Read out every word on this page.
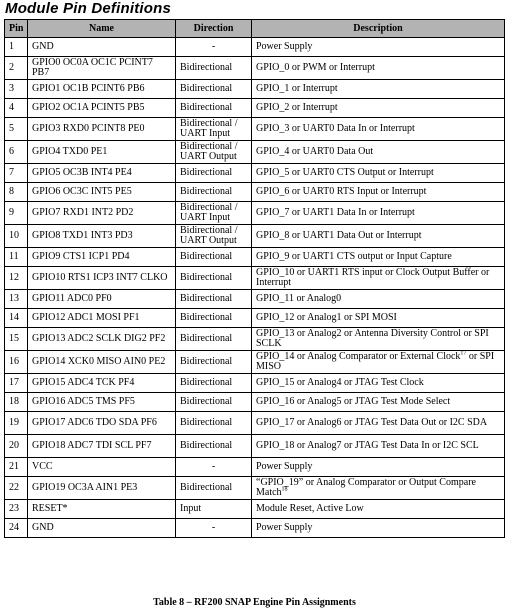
Module Pin Definitions
Pin	Name	Direction	Description
1	GND	-	Power Supply
2	GPIO0 OC0A OC1C PCINT7 PB7	Bidirectional	GPIO_0 or PWM or Interrupt
3	GPIO1 OC1B PCINT6 PB6	Bidirectional	GPIO_1 or Interrupt
4	GPIO2 OC1A PCINT5 PB5	Bidirectional	GPIO_2 or Interrupt
5	GPIO3 RXD0 PCINT8 PE0	Bidirectional / UART Input	GPIO_3 or UART0 Data In or Interrupt
6	GPIO4 TXD0 PE1	Bidirectional / UART Output	GPIO_4 or UART0 Data Out
7	GPIO5 OC3B INT4 PE4	Bidirectional	GPIO_5 or UART0 CTS Output or Interrupt
8	GPIO6 OC3C INT5 PE5	Bidirectional	GPIO_6 or UART0 RTS Input or Interrupt
9	GPIO7 RXD1 INT2 PD2	Bidirectional / UART Input	GPIO_7 or UART1 Data In or Interrupt
10	GPIO8 TXD1 INT3 PD3	Bidirectional / UART Output	GPIO_8 or UART1 Data Out or Interrupt
11	GPIO9 CTS1 ICP1 PD4	Bidirectional	GPIO_9 or UART1 CTS output or Input Capture
12	GPIO10 RTS1 ICP3 INT7 CLKO	Bidirectional	GPIO_10 or UART1 RTS input or Clock Output Buffer or Interrupt
13	GPIO11 ADC0 PF0	Bidirectional	GPIO_11 or Analog0
14	GPIO12 ADC1 MOSI PF1	Bidirectional	GPIO_12 or Analog1 or SPI MOSI
15	GPIO13 ADC2 SCLK DIG2 PF2	Bidirectional	GPIO_13 or Analog2 or Antenna Diversity Control or SPI SCLK
16	GPIO14 XCK0 MISO AIN0 PE2	Bidirectional	GPIO_14 or Analog Comparator or External Clock$^{17}$ or SPI MISO
17	GPIO15 ADC4 TCK PF4	Bidirectional	GPIO_15 or Analog4 or JTAG Test Clock
18	GPIO16 ADC5 TMS PF5	Bidirectional	GPIO_16 or Analog5 or JTAG Test Mode Select
19	GPIO17 ADC6 TDO SDA PF6	Bidirectional	GPIO_17 or Analog6 or JTAG Test Data Out or I2C SDA
20	GPIO18 ADC7 TDI SCL PF7	Bidirectional	GPIO_18 or Analog7 or JTAG Test Data In or I2C SCL
21	VCC	-	Power Supply
22	GPIO19 OC3A AIN1 PE3	Bidirectional	“GPIO_19” or Analog Comparator or Output Compare Match$^{18}$
23	RESET*	Input	Module Reset, Active Low
24	GND	-	Power Supply
Table 8 – RF200 SNAP Engine Pin Assignments
